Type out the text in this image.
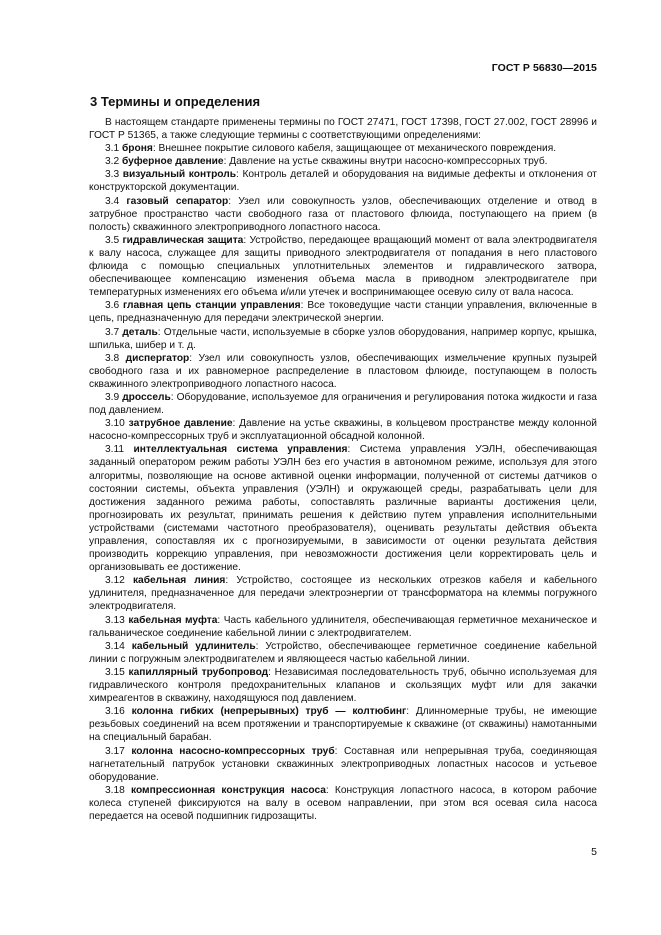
ГОСТ Р 56830—2015
3 Термины и определения

В настоящем стандарте применены термины по ГОСТ 27471, ГОСТ 17398, ГОСТ 27.002, ГОСТ 28996 и ГОСТ Р 51365, а также следующие термины с соответствующими определениями:

3.1 броня: Внешнее покрытие силового кабеля, защищающее от механического повреждения.

3.2 буферное давление: Давление на устье скважины внутри насосно-компрессорных труб.

3.3 визуальный контроль: Контроль деталей и оборудования на видимые дефекты и отклонения от конструкторской документации.

3.4 газовый сепаратор: Узел или совокупность узлов, обеспечивающих отделение и отвод в затрубное пространство части свободного газа от пластового флюида, поступающего на прием (в полость) скважинного электроприводного лопастного насоса.

3.5 гидравлическая защита: Устройство, передающее вращающий момент от вала электродвигателя к валу насоса, служащее для защиты приводного электродвигателя от попадания в него пластового флюида с помощью специальных уплотнительных элементов и гидравлического затвора, обеспечивающее компенсацию изменения объема масла в приводном электродвигателе при температурных изменениях его объема и/или утечек и воспринимающее осевую силу от вала насоса.

3.6 главная цепь станции управления: Все токоведущие части станции управления, включенные в цепь, предназначенную для передачи электрической энергии.

3.7 деталь: Отдельные части, используемые в сборке узлов оборудования, например корпус, крышка, шпилька, шибер и т. д.

3.8 диспергатор: Узел или совокупность узлов, обеспечивающих измельчение крупных пузырей свободного газа и их равномерное распределение в пластовом флюиде, поступающем в полость скважинного электроприводного лопастного насоса.

3.9 дроссель: Оборудование, используемое для ограничения и регулирования потока жидкости и газа под давлением.

3.10 затрубное давление: Давление на устье скважины, в кольцевом пространстве между колонной насосно-компрессорных труб и эксплуатационной обсадной колонной.

3.11 интеллектуальная система управления: Система управления УЭЛН, обеспечивающая заданный оператором режим работы УЭЛН без его участия в автономном режиме, используя для этого алгоритмы, позволяющие на основе активной оценки информации, полученной от системы датчиков о состоянии системы, объекта управления (УЭЛН) и окружающей среды, разрабатывать цели для достижения заданного режима работы, сопоставлять различные варианты достижения цели, прогнозировать их результат, принимать решения к действию путем управления исполнительными устройствами (системами частотного преобразователя), оценивать результаты действия объекта управления, сопоставляя их с прогнозируемыми, в зависимости от оценки результата действия производить коррекцию управления, при невозможности достижения цели корректировать цель и организовывать ее достижение.

3.12 кабельная линия: Устройство, состоящее из нескольких отрезков кабеля и кабельного удлинителя, предназначенное для передачи электроэнергии от трансформатора на клеммы погружного электродвигателя.

3.13 кабельная муфта: Часть кабельного удлинителя, обеспечивающая герметичное механическое и гальваническое соединение кабельной линии с электродвигателем.

3.14 кабельный удлинитель: Устройство, обеспечивающее герметичное соединение кабельной линии с погружным электродвигателем и являющееся частью кабельной линии.

3.15 капиллярный трубопровод: Независимая последовательность труб, обычно используемая для гидравлического контроля предохранительных клапанов и скользящих муфт или для закачки химреагентов в скважину, находящуюся под давлением.

3.16 колонна гибких (непрерывных) труб — колтюбинг: Длинномерные трубы, не имеющие резьбовых соединений на всем протяжении и транспортируемые к скважине (от скважины) намотанными на специальный барабан.

3.17 колонна насосно-компрессорных труб: Составная или непрерывная труба, соединяющая нагнетательный патрубок установки скважинных электроприводных лопастных насосов и устьевое оборудование.

3.18 компрессионная конструкция насоса: Конструкция лопастного насоса, в котором рабочие колеса ступеней фиксируются на валу в осевом направлении, при этом вся осевая сила насоса передается на осевой подшипник гидрозащиты.

5
